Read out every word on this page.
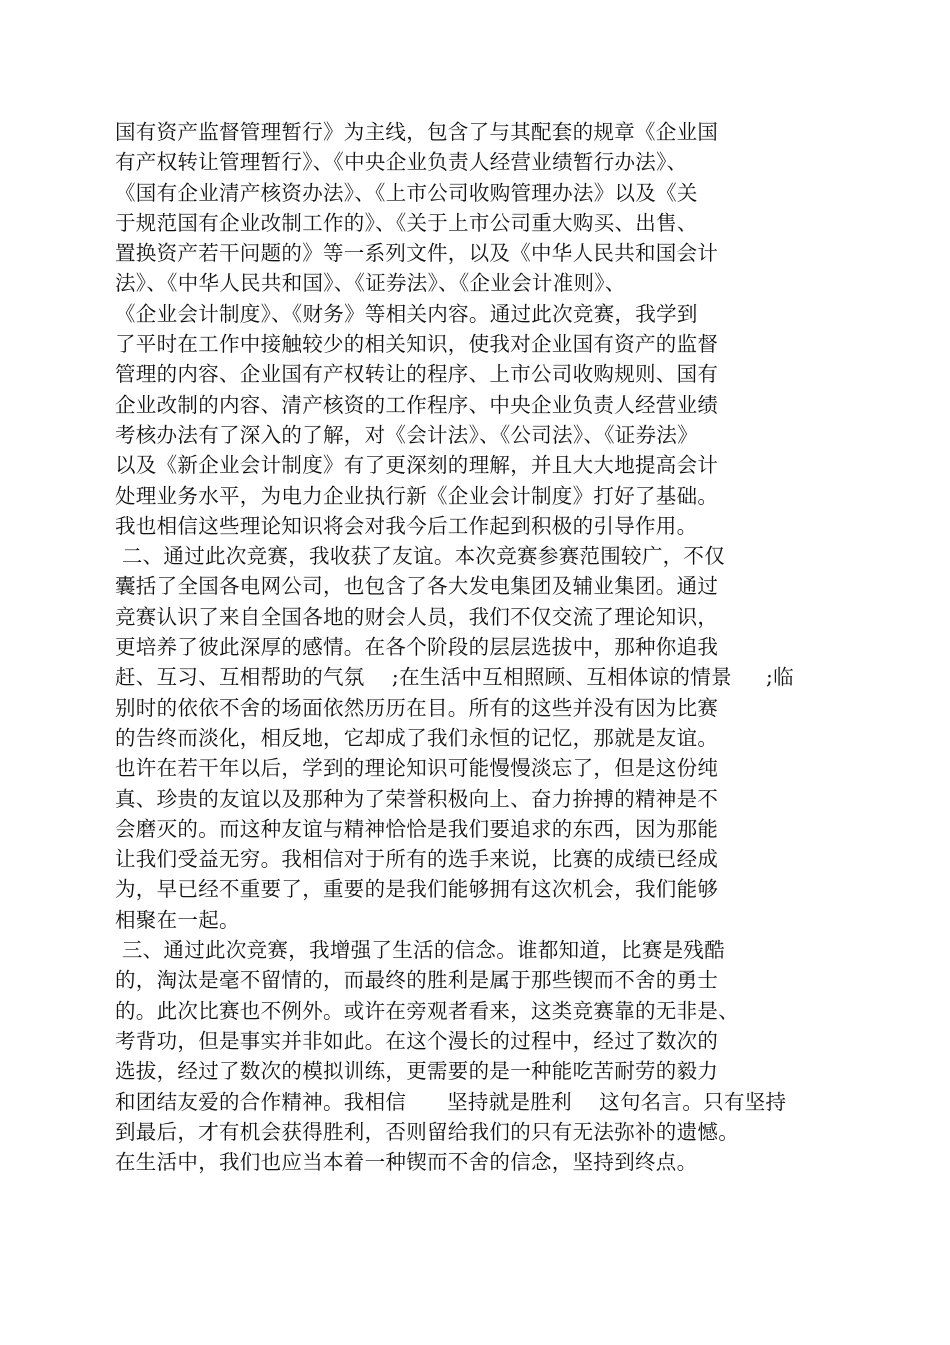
国有资产监督管理暂行》为主线，包含了与其配套的规章《企业国
有产权转让管理暂行》、《中央企业负责人经营业绩暂行办法》、
《国有企业清产核资办法》、《上市公司收购管理办法》以及《关
于规范国有企业改制工作的》、《关于上市公司重大购买、出售、
置换资产若干问题的》等一系列文件，以及《中华人民共和国会计
法》、《中华人民共和国》、《证券法》、《企业会计准则》、
《企业会计制度》、《财务》等相关内容。通过此次竞赛，我学到
了平时在工作中接触较少的相关知识，使我对企业国有资产的监督
管理的内容、企业国有产权转让的程序、上市公司收购规则、国有
企业改制的内容、清产核资的工作程序、中央企业负责人经营业绩
考核办法有了深入的了解，对《会计法》、《公司法》、《证券法》
以及《新企业会计制度》有了更深刻的理解，并且大大地提高会计
处理业务水平，为电力企业执行新《企业会计制度》打好了基础。
我也相信这些理论知识将会对我今后工作起到积极的引导作用。
二、通过此次竞赛，我收获了友谊。本次竞赛参赛范围较广，不仅
囊括了全国各电网公司，也包含了各大发电集团及辅业集团。通过
竞赛认识了来自全国各地的财会人员，我们不仅交流了理论知识，
更培养了彼此深厚的感情。在各个阶段的层层选拔中，那种你追我
赶、互习、互相帮助的气氛    ;在生活中互相照顾、互相体谅的情景     ;临
别时的依依不舍的场面依然历历在目。所有的这些并没有因为比赛
的告终而淡化，相反地，它却成了我们永恒的记忆，那就是友谊。
也许在若干年以后，学到的理论知识可能慢慢淡忘了，但是这份纯
真、珍贵的友谊以及那种为了荣誉积极向上、奋力拚搏的精神是不
会磨灭的。而这种友谊与精神恰恰是我们要追求的东西，因为那能
让我们受益无穷。我相信对于所有的选手来说，比赛的成绩已经成
为，早已经不重要了，重要的是我们能够拥有这次机会，我们能够
相聚在一起。
三、通过此次竞赛，我增强了生活的信念。谁都知道，比赛是残酷
的，淘汰是毫不留情的，而最终的胜利是属于那些锲而不舍的勇士
的。此次比赛也不例外。或许在旁观者看来，这类竞赛靠的无非是、
考背功，但是事实并非如此。在这个漫长的过程中，经过了数次的
选拔，经过了数次的模拟训练，更需要的是一种能吃苦耐劳的毅力
和团结友爱的合作精神。我相信      坚持就是胜利    这句名言。只有坚持
到最后，才有机会获得胜利，否则留给我们的只有无法弥补的遗憾。
在生活中，我们也应当本着一种锲而不舍的信念，坚持到终点。
